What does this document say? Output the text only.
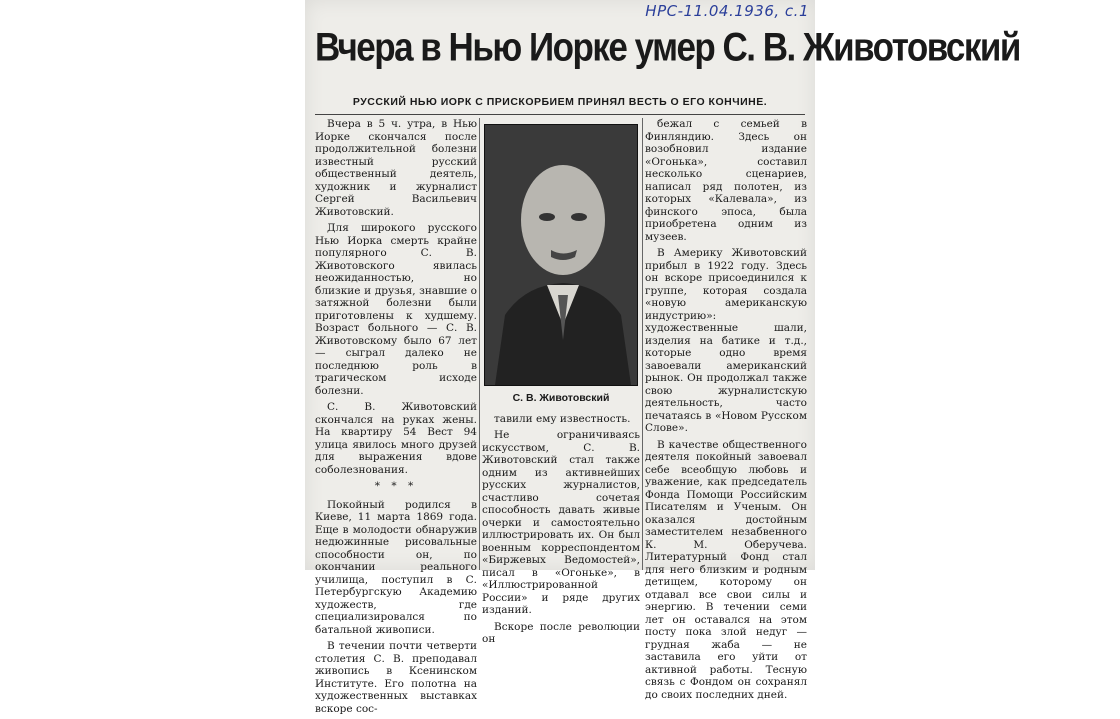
НРС-11.04.1936, с.1
Вчера в Нью Иорке умер С. В. Животовский
РУССКИЙ НЬЮ ИОРК С ПРИСКОРБИЕМ ПРИНЯЛ ВЕСТЬ О ЕГО КОНЧИНЕ.

Вчера в 5 ч. утра, в Нью Иорке скончался после продолжительной болезни известный русский общественный деятель, художник и журналист Сергей Васильевич Животовский.

Для широкого русского Нью Иорка смерть крайне популярного С. В. Животовского явилась неожиданностью, но близкие и друзья, знавшие о затяжной болезни были приготовлены к худшему. Возраст больного — С. В. Животовскому было 67 лет — сыграл далеко не последнюю роль в трагическом исходе болезни.

С. В. Животовский скончался на руках жены. На квартиру 54 Вест 94 улица явилось много друзей для выражения вдове соболезнования.

* * *

Покойный родился в Киеве, 11 марта 1869 года. Еще в молодости обнаружив недюжинные рисовальные способности он, по окончании реального училища, поступил в С. Петербургскую Академию художеств, где специализировался по батальной живописи.

В течении почти четверти столетия С. В. преподавал живопись в Ксенинском Институте. Его полотна на художественных выставках вскоре сос-

С. В. Животовский

тавили ему известность.

Не ограничиваясь искусством, С. В. Животовский стал также одним из активнейших русских журналистов, счастливо сочетая способность давать живые очерки и самостоятельно иллюстрировать их. Он был военным корреспондентом «Биржевых Ведомостей», писал в «Огоньке», в «Иллюстрированной России» и ряде других изданий.

Вскоре после революции он

бежал с семьей в Финляндию. Здесь он возобновил издание «Огонька», составил несколько сценариев, написал ряд полотен, из которых «Калевала», из финского эпоса, была приобретена одним из музеев.

В Америку Животовский прибыл в 1922 году. Здесь он вскоре присоединился к группе, которая создала «новую американскую индустрию»: художественные шали, изделия на батике и т.д., которые одно время завоевали американский рынок. Он продолжал также свою журналистскую деятельность, часто печатаясь в «Новом Русском Слове».

В качестве общественного деятеля покойный завоевал себе всеобщую любовь и уважение, как председатель Фонда Помощи Российским Писателям и Ученым. Он оказался достойным заместителем незабвенного К. М. Оберучева. Литературный Фонд стал для него близким и родным детищем, которому он отдавал все свои силы и энергию. В течении семи лет он оставался на этом посту пока злой недуг — грудная жаба — не заставила его уйти от активной работы. Тесную связь с Фондом он сохранял до своих последних дней.
